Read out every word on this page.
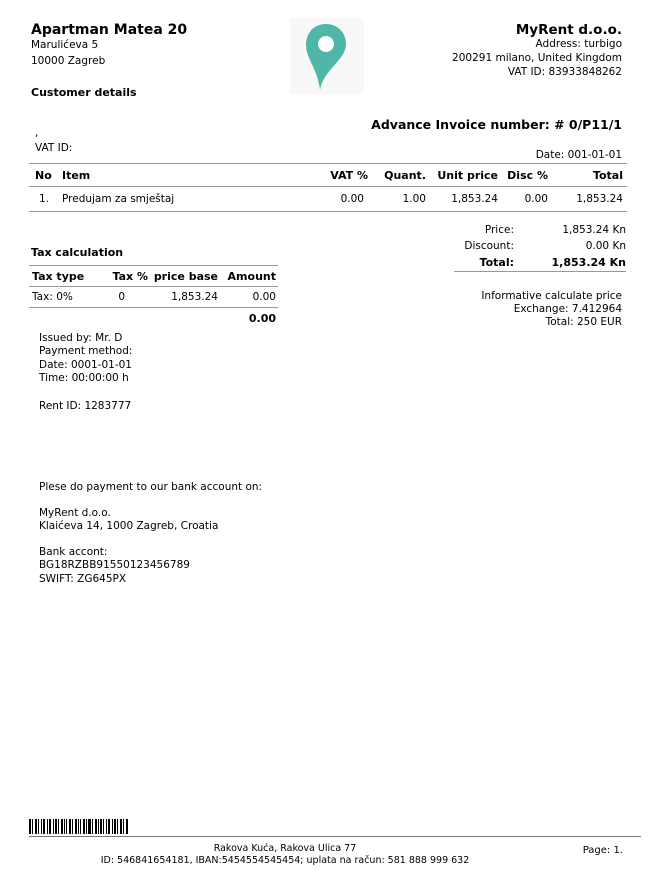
Apartman Matea 20
Marulićeva 5
10000 Zagreb
Customer details
MyRent d.o.o.
Address: turbigo
200291 milano, United Kingdom
VAT ID: 83933848262
Advance Invoice number: # 0/P11/1
,
VAT ID:
Date: 001-01-01
No	Item	VAT %	Quant.	Unit price	Disc %	Total
1.	Predujam za smještaj	0.00	1.00	1,853.24	0.00	1,853.24
Price:	1,853.24 Kn
Discount:	0.00 Kn
Total:	1,853.24 Kn
Informative calculate price
Exchange: 7.412964
Total: 250 EUR
Tax calculation
Tax type	Tax %	price base	Amount
Tax: 0%	0	1,853.24	0.00
			0.00
Issued by: Mr. D
Payment method:
Date: 0001-01-01
Time: 00:00:00 h
Rent ID: 1283777
Plese do payment to our bank account on:
MyRent d.o.o.
Klaićeva 14, 1000 Zagreb, Croatia
Bank accont:
BG18RZBB91550123456789
SWIFT: ZG645PX
Rakova Kuća, Rakova Ulica 77
ID: 546841654181, IBAN:5454554545454; uplata na račun: 581 888 999 632
Page: 1.
